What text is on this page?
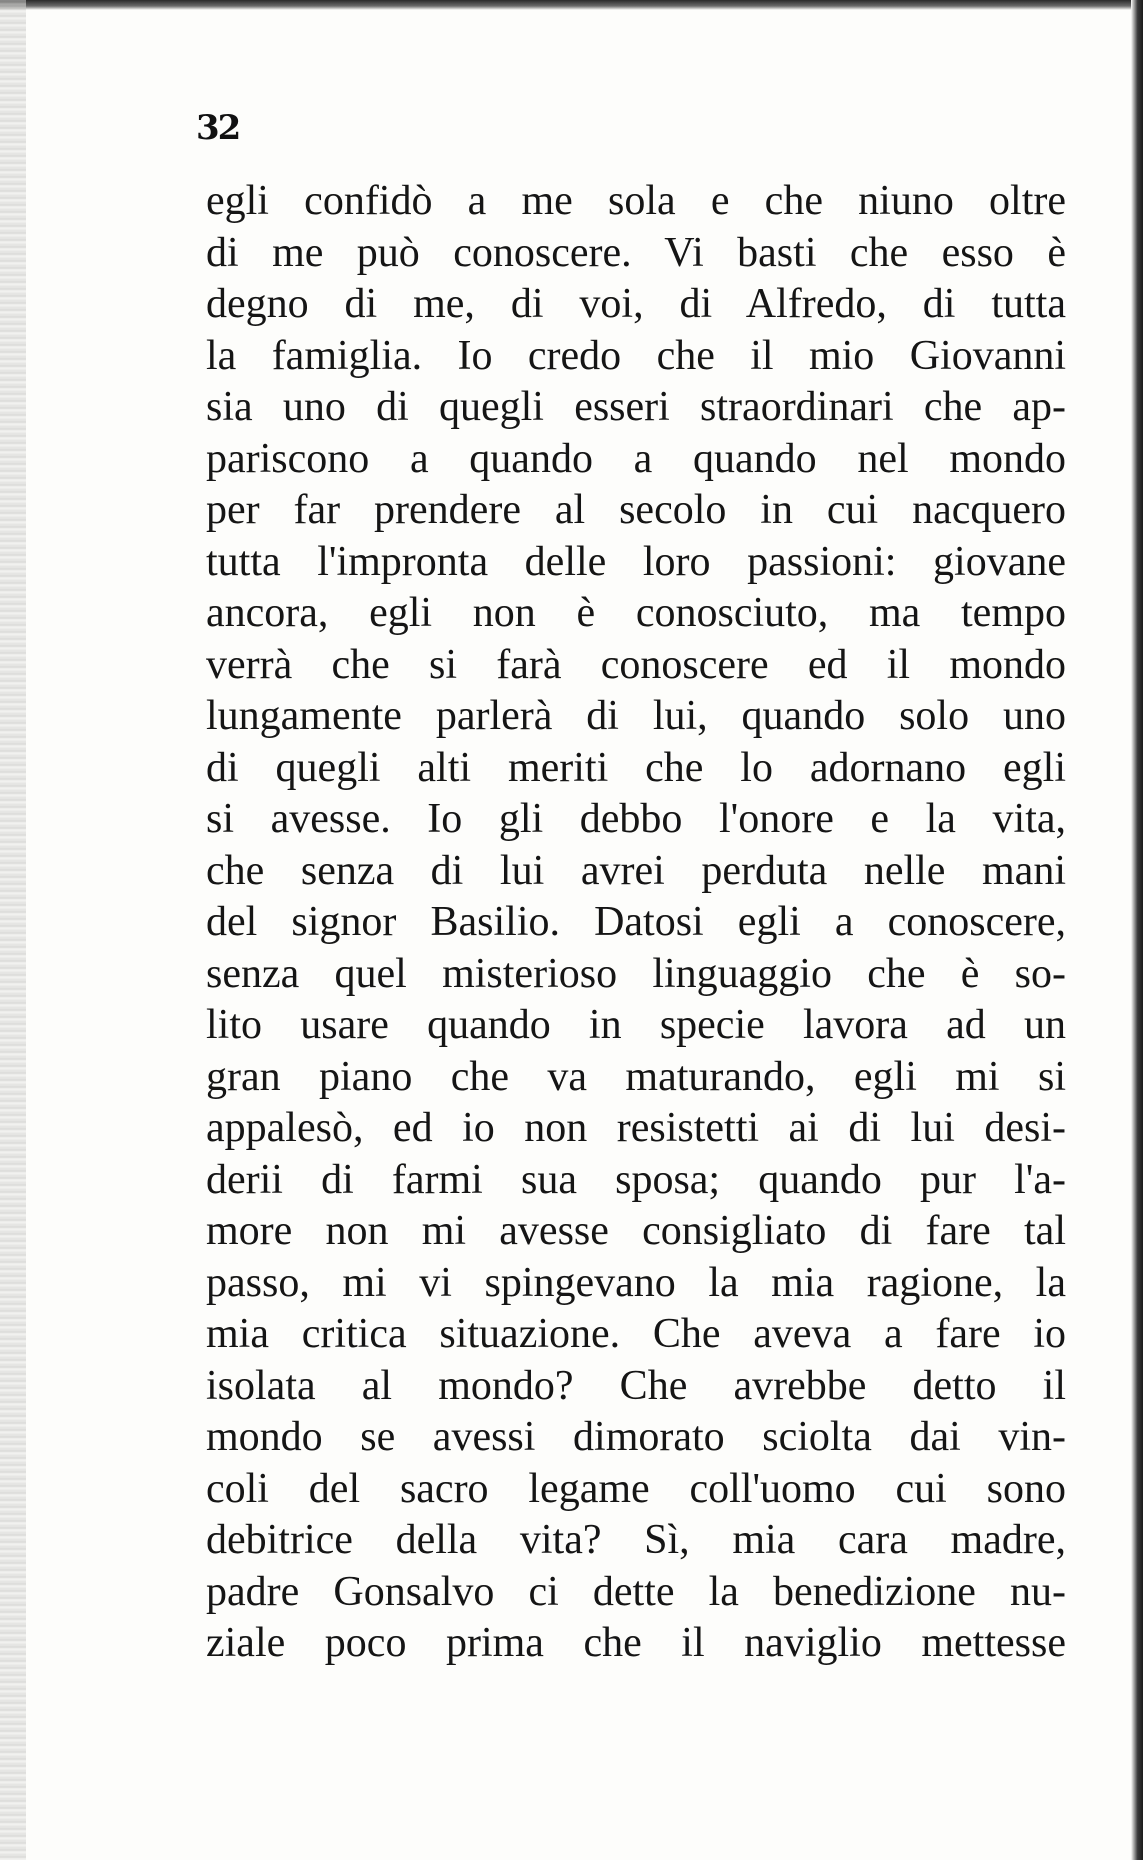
32
egli confidò a me sola e che niuno oltre
di me può conoscere. Vi basti che esso è
degno di me, di voi, di Alfredo, di tutta
la famiglia. Io credo che il mio Giovanni
sia uno di quegli esseri straordinari che ap-
pariscono a quando a quando nel mondo
per far prendere al secolo in cui nacquero
tutta l'impronta delle loro passioni: giovane
ancora, egli non è conosciuto, ma tempo
verrà che si farà conoscere ed il mondo
lungamente parlerà di lui, quando solo uno
di quegli alti meriti che lo adornano egli
si avesse. Io gli debbo l'onore e la vita,
che senza di lui avrei perduta nelle mani
del signor Basilio. Datosi egli a conoscere,
senza quel misterioso linguaggio che è so-
lito usare quando in specie lavora ad un
gran piano che va maturando, egli mi si
appalesò, ed io non resistetti ai di lui desi-
derii di farmi sua sposa; quando pur l'a-
more non mi avesse consigliato di fare tal
passo, mi vi spingevano la mia ragione, la
mia critica situazione. Che aveva a fare io
isolata al mondo? Che avrebbe detto il
mondo se avessi dimorato sciolta dai vin-
coli del sacro legame coll'uomo cui sono
debitrice della vita? Sì, mia cara madre,
padre Gonsalvo ci dette la benedizione nu-
ziale poco prima che il naviglio mettesse
